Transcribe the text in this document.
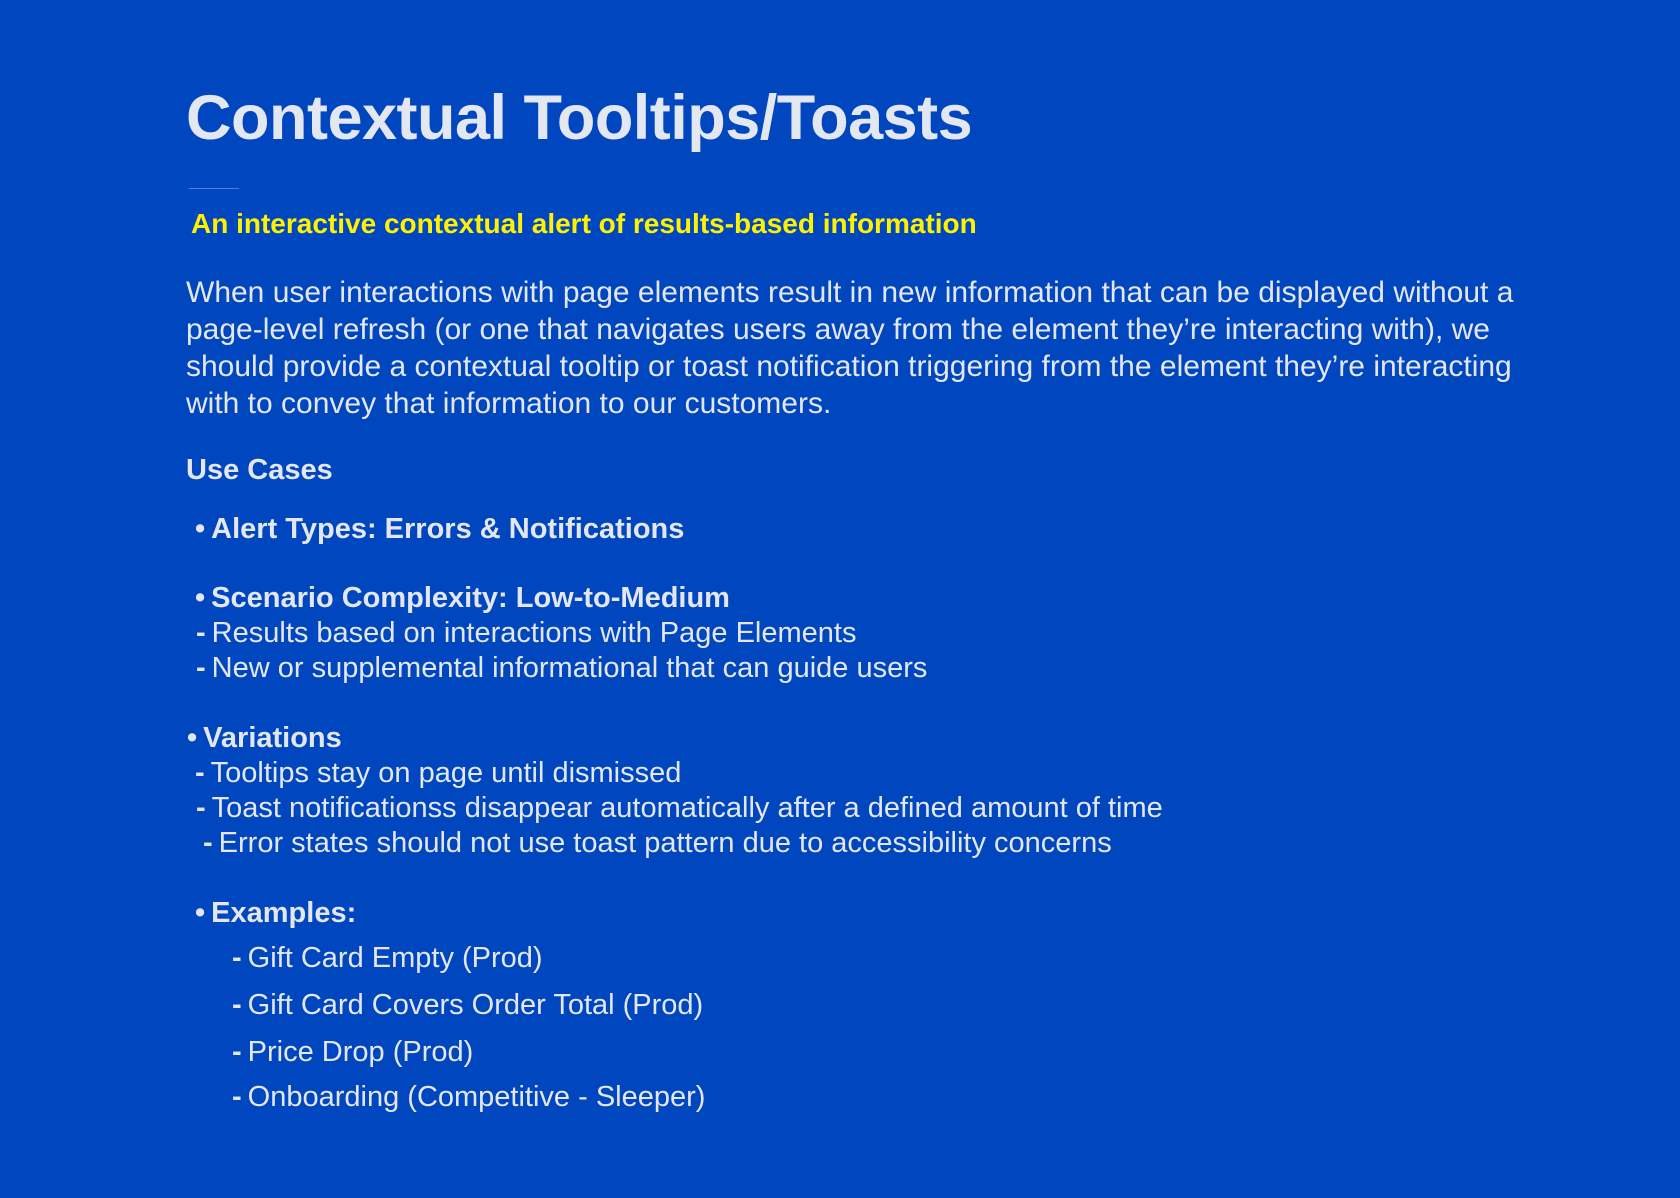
Contextual Tooltips/Toasts
An interactive contextual alert of results-based information

When user interactions with page elements result in new information that can be displayed without a page-level refresh (or one that navigates users away from the element they’re interacting with), we should provide a contextual tooltip or toast notification triggering from the element they’re interacting with to convey that information to our customers.

Use Cases
• Alert Types: Errors & Notifications
• Scenario Complexity: Low-to-Medium
- Results based on interactions with Page Elements
- New or supplemental informational that can guide users
• Variations
- Tooltips stay on page until dismissed
- Toast notificationss disappear automatically after a defined amount of time
- Error states should not use toast pattern due to accessibility concerns
• Examples:
- Gift Card Empty (Prod)
- Gift Card Covers Order Total (Prod)
- Price Drop (Prod)
- Onboarding (Competitive - Sleeper)
